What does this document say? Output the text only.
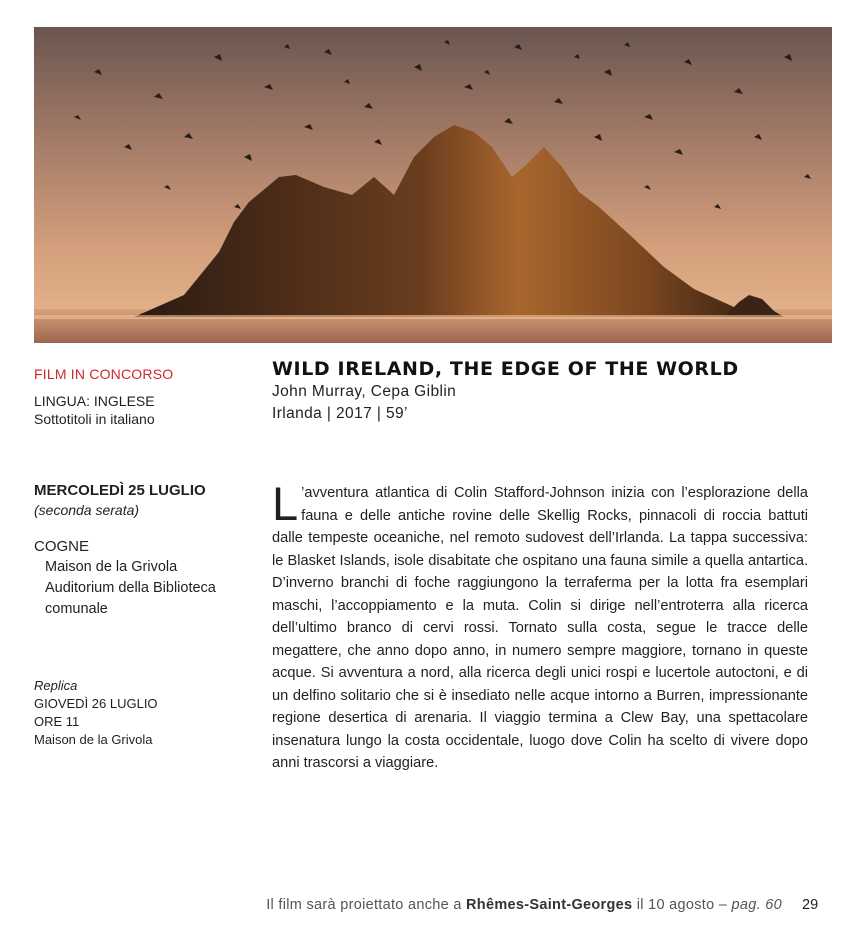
FILM IN CONCORSO
LINGUA: INGLESE
Sottotitoli in italiano
WILD IRELAND, THE EDGE OF THE WORLD
John Murray, Cepa Giblin
Irlanda | 2017 | 59’
MERCOLEDÌ 25 LUGLIO
(seconda serata)
COGNE
Maison de la Grivola
Auditorium della Biblioteca comunale
Replica
GIOVEDÌ 26 LUGLIO
ORE 11
Maison de la Grivola
L ’avventura atlantica di Colin Stafford-Johnson inizia con l’esplorazione della fauna e delle antiche rovine delle Skellig Rocks, pinnacoli di roccia battuti dalle tempeste oceaniche, nel remoto sudovest dell’Irlanda. La tappa successiva: le Blasket Islands, isole disabitate che ospitano una fauna simile a quella antartica. D’inverno branchi di foche raggiungono la terraferma per la lotta fra esemplari maschi, l’accoppiamento e la muta. Colin si dirige nell’entroterra alla ricerca dell’ultimo branco di cervi rossi. Tornato sulla costa, segue le tracce delle megattere, che anno dopo anno, in numero sempre maggiore, tornano in queste acque. Si avventura a nord, alla ricerca degli unici rospi e lucertole autoctoni, e di un delfino solitario che si è insediato nelle acque intorno a Burren, impressionante regione desertica di arenaria. Il viaggio termina a Clew Bay, una spettacolare insenatura lungo la costa occidentale, luogo dove Colin ha scelto di vivere dopo anni trascorsi a viaggiare.
Il film sarà proiettato anche a Rhêmes-Saint-Georges il 10 agosto – pag. 60 29
